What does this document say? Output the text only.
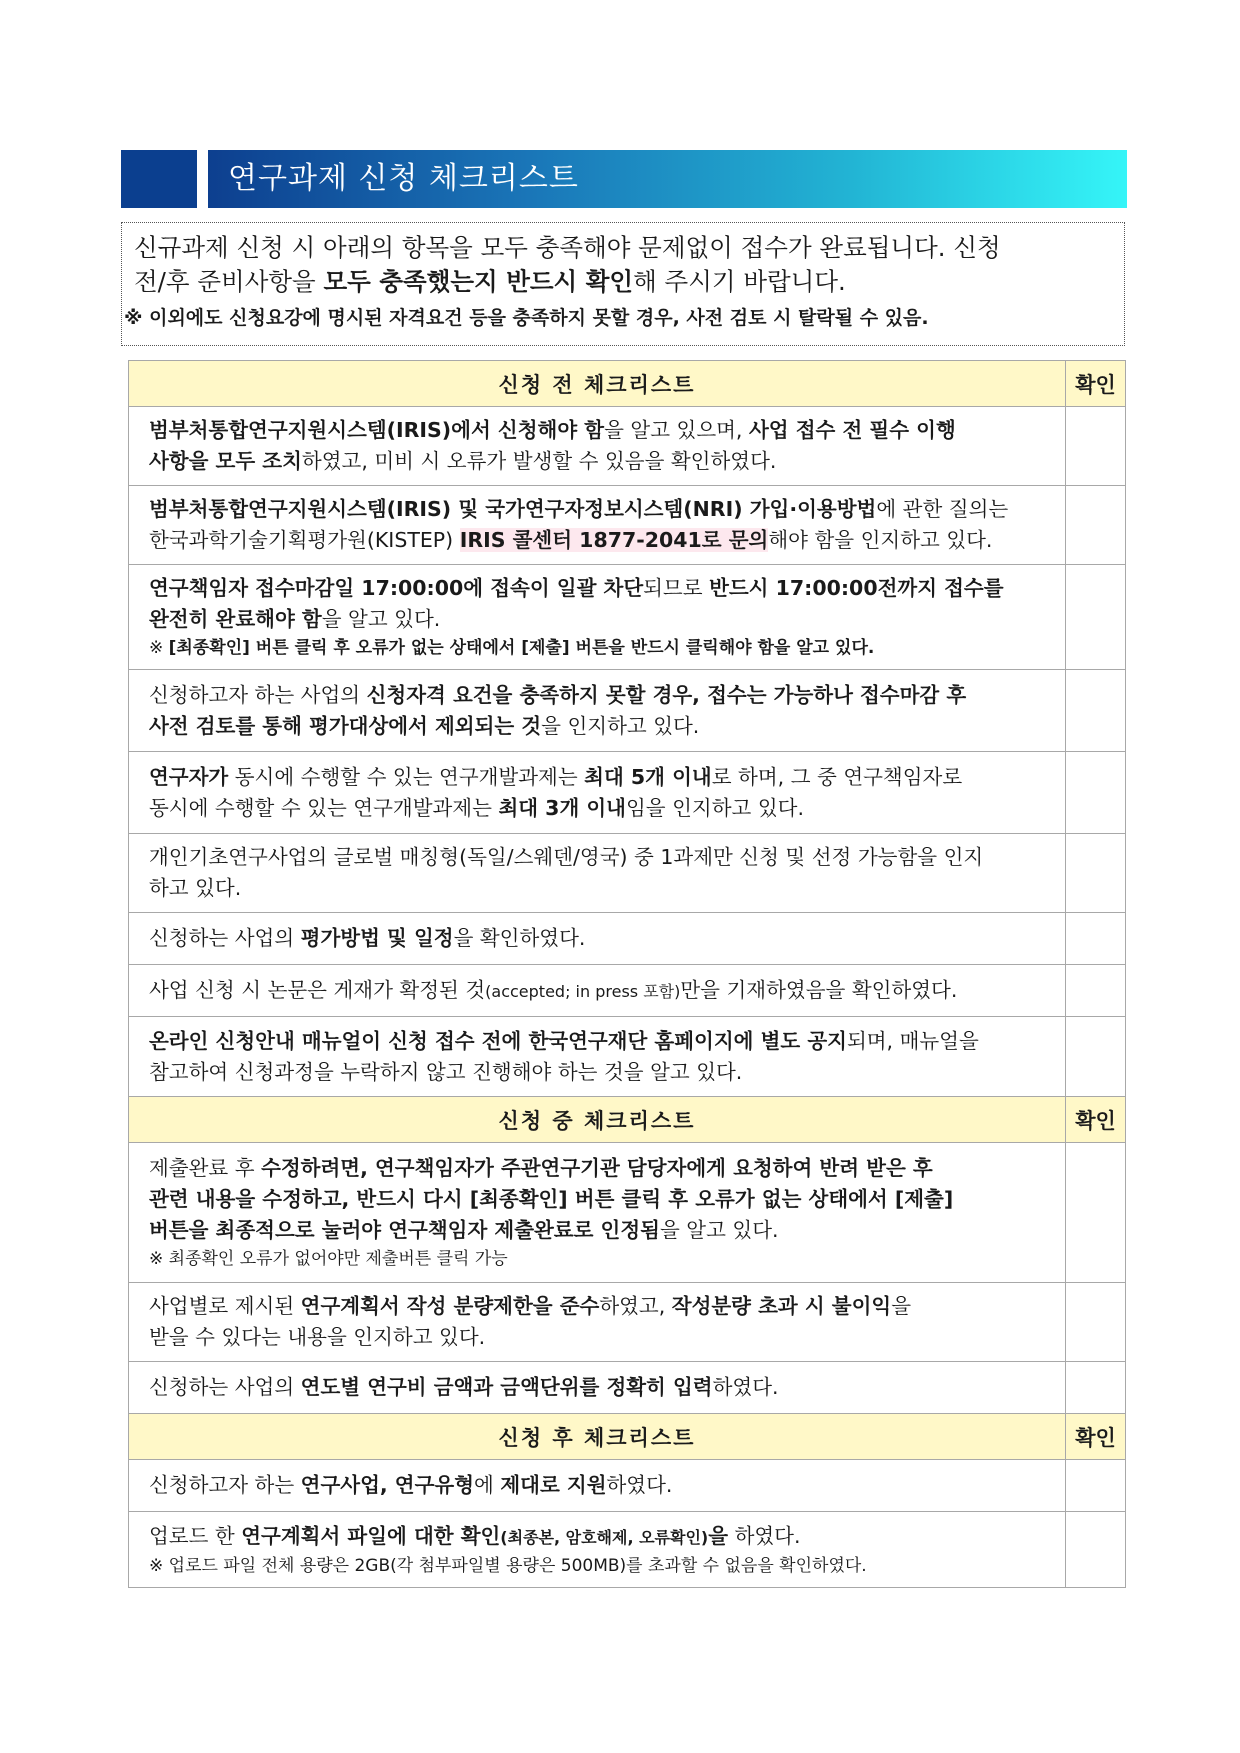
연구과제 신청 체크리스트
신규과제 신청 시 아래의 항목을 모두 충족해야 문제없이 접수가 완료됩니다. 신청
전/후 준비사항을 모두 충족했는지 반드시 확인해 주시기 바랍니다.
※ 이외에도 신청요강에 명시된 자격요건 등을 충족하지 못할 경우, 사전 검토 시 탈락될 수 있음.
신청 전 체크리스트	확인
범부처통합연구지원시스템(IRIS)에서 신청해야 함을 알고 있으며, 사업 접수 전 필수 이행
사항을 모두 조치하였고, 미비 시 오류가 발생할 수 있음을 확인하였다.	
범부처통합연구지원시스템(IRIS) 및 국가연구자정보시스템(NRI) 가입·이용방법에 관한 질의는
한국과학기술기획평가원(KISTEP) IRIS 콜센터 1877-2041로 문의해야 함을 인지하고 있다.	
연구책임자 접수마감일 17:00:00에 접속이 일괄 차단되므로 반드시 17:00:00전까지 접수를
완전히 완료해야 함을 알고 있다.
※ [최종확인] 버튼 클릭 후 오류가 없는 상태에서 [제출] 버튼을 반드시 클릭해야 함을 알고 있다.	

신청하고자 하는 사업의 신청자격 요건을 충족하지 못할 경우, 접수는 가능하나 접수마감 후
사전 검토를 통해 평가대상에서 제외되는 것을 인지하고 있다.	
연구자가 동시에 수행할 수 있는 연구개발과제는 최대 5개 이내로 하며, 그 중 연구책임자로
동시에 수행할 수 있는 연구개발과제는 최대 3개 이내임을 인지하고 있다.	
개인기초연구사업의 글로벌 매칭형(독일/스웨덴/영국) 중 1과제만 신청 및 선정 가능함을 인지
하고 있다.	
신청하는 사업의 평가방법 및 일정을 확인하였다.	
사업 신청 시 논문은 게재가 확정된 것(accepted; in press 포함)만을 기재하였음을 확인하였다.	
온라인 신청안내 매뉴얼이 신청 접수 전에 한국연구재단 홈페이지에 별도 공지되며, 매뉴얼을
참고하여 신청과정을 누락하지 않고 진행해야 하는 것을 알고 있다.	
신청 중 체크리스트	확인
제출완료 후 수정하려면, 연구책임자가 주관연구기관 담당자에게 요청하여 반려 받은 후
관련 내용을 수정하고, 반드시 다시 [최종확인] 버튼 클릭 후 오류가 없는 상태에서 [제출]
버튼을 최종적으로 눌러야 연구책임자 제출완료로 인정됨을 알고 있다.
※ 최종확인 오류가 없어야만 제출버튼 클릭 가능	

사업별로 제시된 연구계획서 작성 분량제한을 준수하였고, 작성분량 초과 시 불이익을
받을 수 있다는 내용을 인지하고 있다.	
신청하는 사업의 연도별 연구비 금액과 금액단위를 정확히 입력하였다.	
신청 후 체크리스트	확인
신청하고자 하는 연구사업, 연구유형에 제대로 지원하였다.	
업로드 한 연구계획서 파일에 대한 확인(최종본, 암호해제, 오류확인)을 하였다.
※ 업로드 파일 전체 용량은 2GB(각 첨부파일별 용량은 500MB)를 초과할 수 없음을 확인하였다.	
